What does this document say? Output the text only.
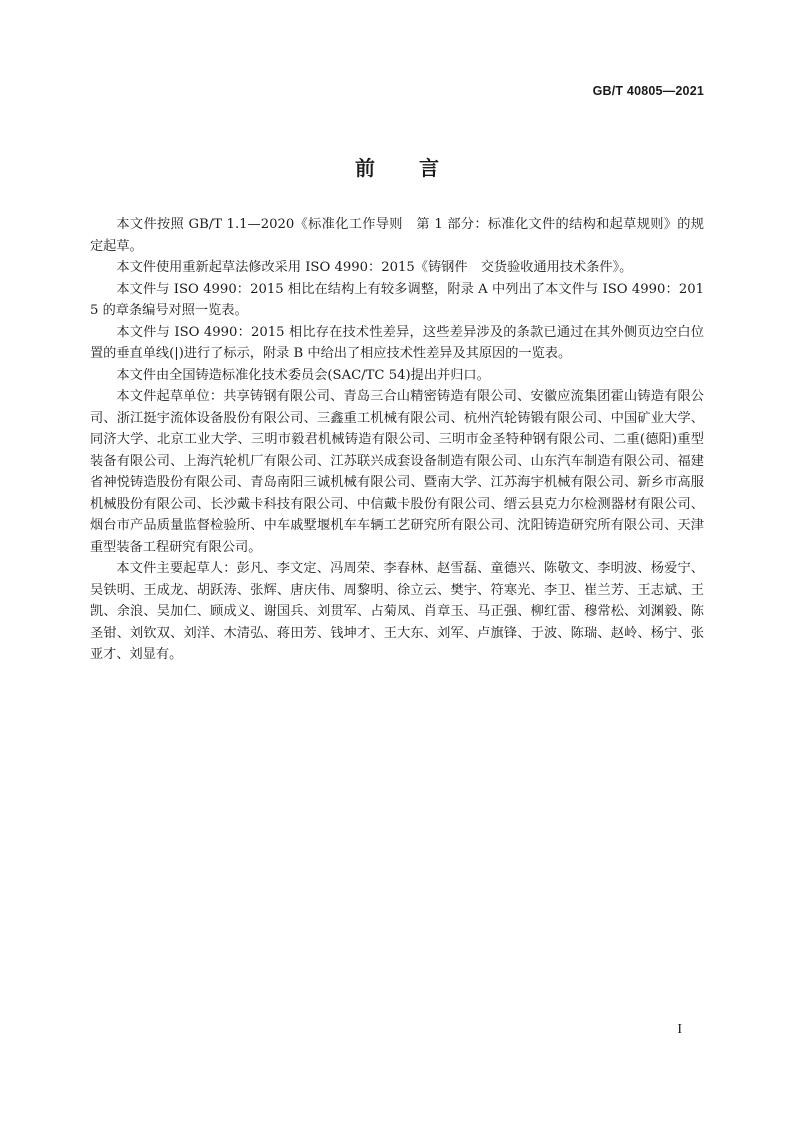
GB/T 40805—2021
前 言

本文件按照 GB/T 1.1—2020《标准化工作导则　第 1 部分：标准化文件的结构和起草规则》的规定起草。

本文件使用重新起草法修改采用 ISO 4990：2015《铸钢件　交货验收通用技术条件》。

本文件与 ISO 4990：2015 相比在结构上有较多调整，附录 A 中列出了本文件与 ISO 4990：2015 的章条编号对照一览表。

本文件与 ISO 4990：2015 相比存在技术性差异，这些差异涉及的条款已通过在其外侧页边空白位置的垂直单线(|)进行了标示，附录 B 中给出了相应技术性差异及其原因的一览表。

本文件由全国铸造标准化技术委员会(SAC/TC 54)提出并归口。

本文件起草单位：共享铸钢有限公司、青岛三合山精密铸造有限公司、安徽应流集团霍山铸造有限公司、浙江挺宇流体设备股份有限公司、三鑫重工机械有限公司、杭州汽轮铸锻有限公司、中国矿业大学、同济大学、北京工业大学、三明市毅君机械铸造有限公司、三明市金圣特种钢有限公司、二重(德阳)重型装备有限公司、上海汽轮机厂有限公司、江苏联兴成套设备制造有限公司、山东汽车制造有限公司、福建省神悦铸造股份有限公司、青岛南阳三诚机械有限公司、暨南大学、江苏海宇机械有限公司、新乡市高服机械股份有限公司、长沙戴卡科技有限公司、中信戴卡股份有限公司、缙云县克力尔检测器材有限公司、烟台市产品质量监督检验所、中车戚墅堰机车车辆工艺研究所有限公司、沈阳铸造研究所有限公司、天津重型装备工程研究有限公司。

本文件主要起草人：彭凡、李文定、冯周荣、李春林、赵雪磊、童德兴、陈敬文、李明波、杨爱宁、吴铁明、王成龙、胡跃涛、张辉、唐庆伟、周黎明、徐立云、樊宇、符寒光、李卫、崔兰芳、王志斌、王凯、余浪、吴加仁、顾成义、谢国兵、刘贯军、占菊凤、肖章玉、马正强、柳红雷、穆常松、刘渊毅、陈圣钳、刘钦双、刘洋、木清弘、蒋田芳、钱坤才、王大东、刘军、卢旗锋、于波、陈瑞、赵岭、杨宁、张亚才、刘显有。

I
